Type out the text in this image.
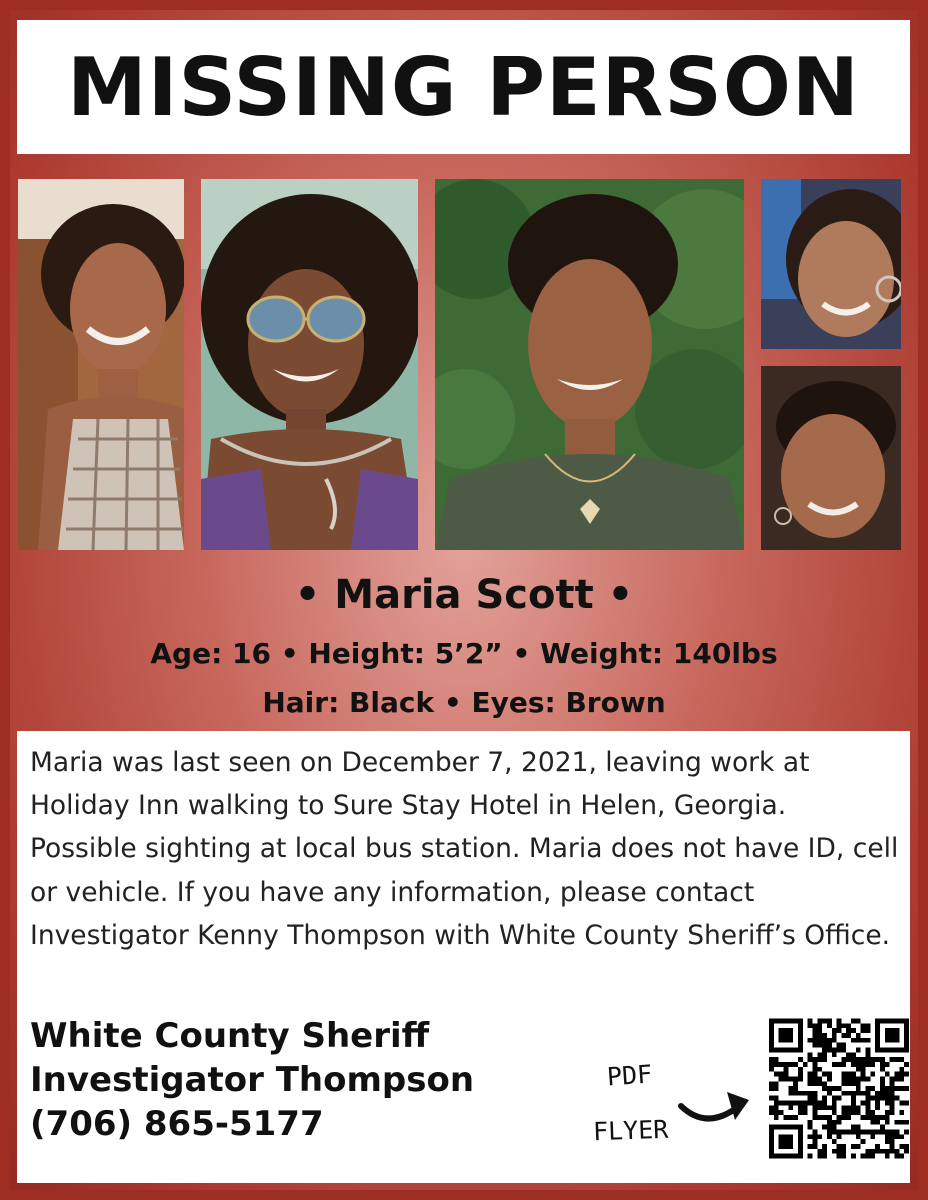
MISSING PERSON
• Maria Scott •
Age: 16 • Height: 5’2” • Weight: 140lbs
Hair: Black • Eyes: Brown
Maria was last seen on December 7, 2021, leaving work at Holiday Inn walking to Sure Stay Hotel in Helen, Georgia. Possible sighting at local bus station. Maria does not have ID, cell or vehicle. If you have any information, please contact Investigator Kenny Thompson with White County Sheriff’s Office.
White County Sheriff
Investigator Thompson
(706) 865-5177
PDF
FLYER
